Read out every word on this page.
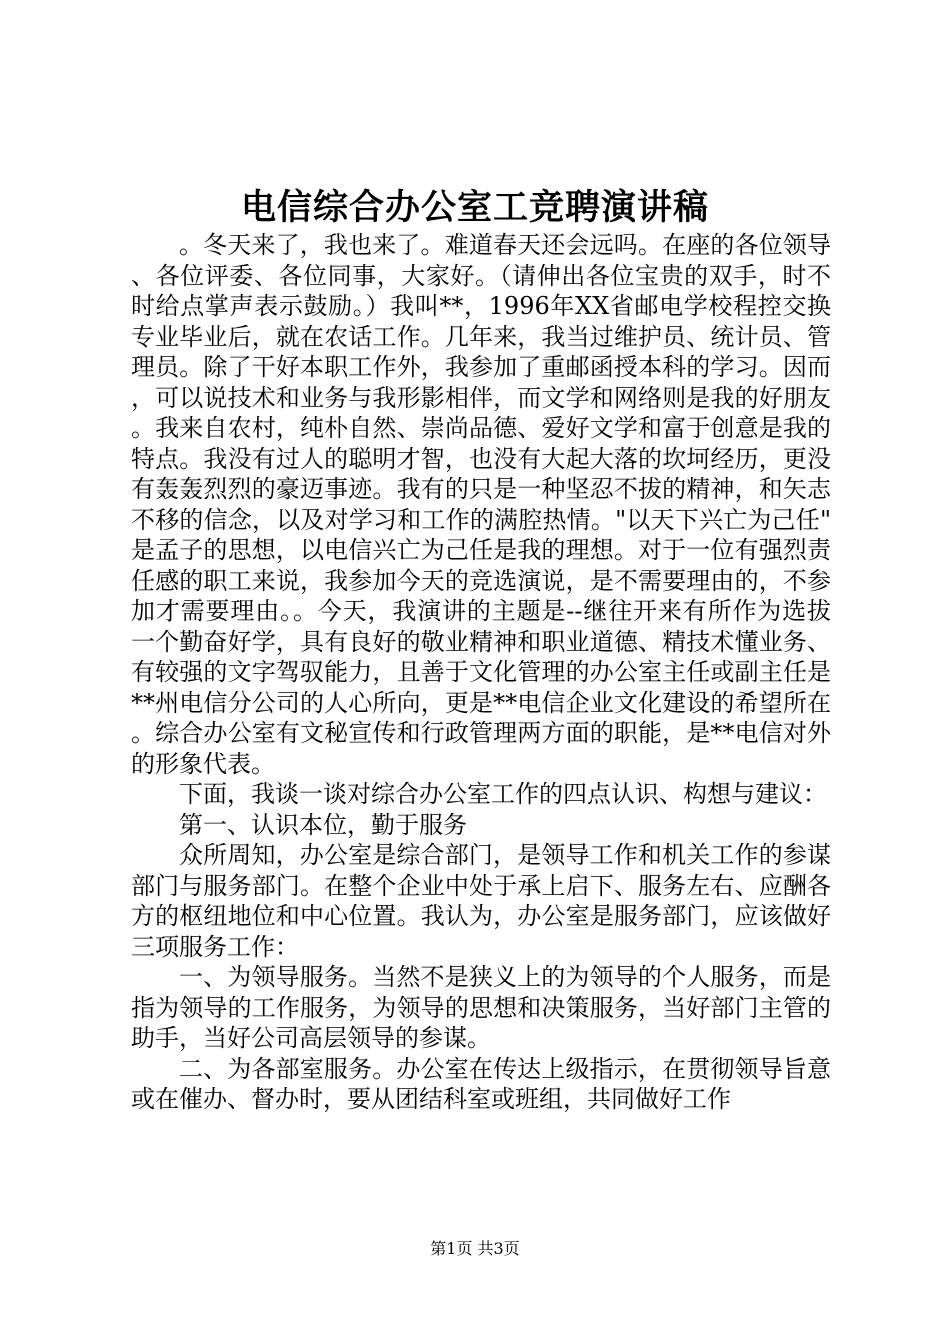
电信综合办公室工竞聘演讲稿

。冬天来了，我也来了。难道春天还会远吗。在座的各位领导、各位评委、各位同事，大家好。（请伸出各位宝贵的双手，时不时给点掌声表示鼓励。）我叫**，1996年XX省邮电学校程控交换专业毕业后，就在农话工作。几年来，我当过维护员、统计员、管理员。除了干好本职工作外，我参加了重邮函授本科的学习。因而，可以说技术和业务与我形影相伴，而文学和网络则是我的好朋友。我来自农村，纯朴自然、崇尚品德、爱好文学和富于创意是我的特点。我没有过人的聪明才智，也没有大起大落的坎坷经历，更没有轰轰烈烈的豪迈事迹。我有的只是一种坚忍不拔的精神，和矢志不移的信念，以及对学习和工作的满腔热情。"以天下兴亡为己任"是孟子的思想，以电信兴亡为己任是我的理想。对于一位有强烈责任感的职工来说，我参加今天的竞选演说，是不需要理由的，不参加才需要理由。。今天，我演讲的主题是--继往开来有所作为选拔一个勤奋好学，具有良好的敬业精神和职业道德、精技术懂业务、有较强的文字驾驭能力，且善于文化管理的办公室主任或副主任是**州电信分公司的人心所向，更是**电信企业文化建设的希望所在。综合办公室有文秘宣传和行政管理两方面的职能，是**电信对外的形象代表。

下面，我谈一谈对综合办公室工作的四点认识、构想与建议：

第一、认识本位，勤于服务

众所周知，办公室是综合部门，是领导工作和机关工作的参谋部门与服务部门。在整个企业中处于承上启下、服务左右、应酬各方的枢纽地位和中心位置。我认为，办公室是服务部门，应该做好三项服务工作：

一、为领导服务。当然不是狭义上的为领导的个人服务，而是指为领导的工作服务，为领导的思想和决策服务，当好部门主管的助手，当好公司高层领导的参谋。

二、为各部室服务。办公室在传达上级指示，在贯彻领导旨意或在催办、督办时，要从团结科室或班组，共同做好工作

第1页 共3页
